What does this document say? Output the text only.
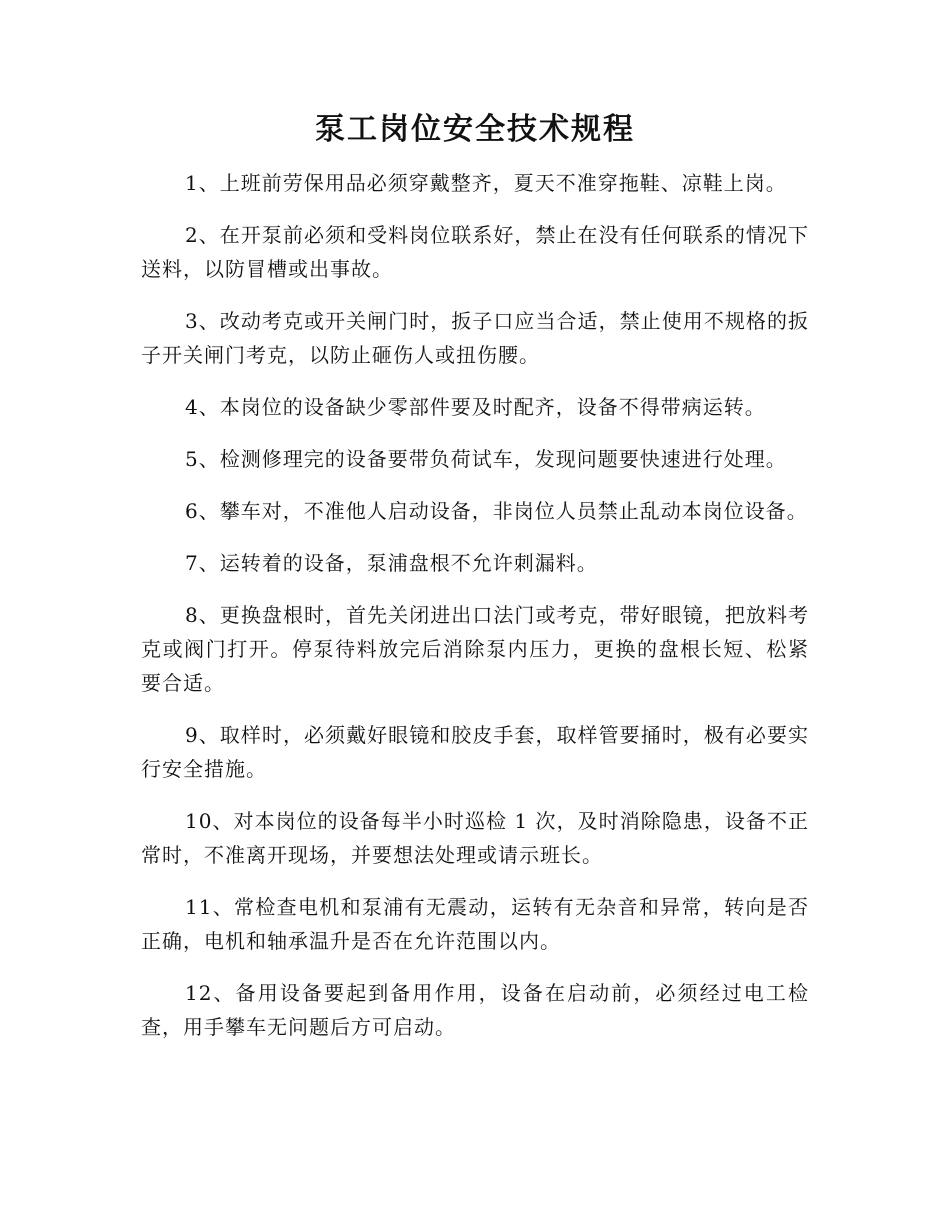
泵工岗位安全技术规程

1、上班前劳保用品必须穿戴整齐，夏天不准穿拖鞋、凉鞋上岗。

2、在开泵前必须和受料岗位联系好，禁止在没有任何联系的情况下送料，以防冒槽或出事故。

3、改动考克或开关闸门时，扳子口应当合适，禁止使用不规格的扳子开关闸门考克，以防止砸伤人或扭伤腰。

4、本岗位的设备缺少零部件要及时配齐，设备不得带病运转。

5、检测修理完的设备要带负荷试车，发现问题要快速进行处理。

6、攀车对，不准他人启动设备，非岗位人员禁止乱动本岗位设备。

7、运转着的设备，泵浦盘根不允许刺漏料。

8、更换盘根时，首先关闭进出口法门或考克，带好眼镜，把放料考克或阀门打开。停泵待料放完后消除泵内压力，更换的盘根长短、松紧要合适。

9、取样时，必须戴好眼镜和胶皮手套，取样管要捅时，极有必要实行安全措施。

10、对本岗位的设备每半小时巡检 1 次，及时消除隐患，设备不正常时，不准离开现场，并要想法处理或请示班长。

11、常检查电机和泵浦有无震动，运转有无杂音和异常，转向是否正确，电机和轴承温升是否在允许范围以内。

12、备用设备要起到备用作用，设备在启动前，必须经过电工检查，用手攀车无问题后方可启动。
